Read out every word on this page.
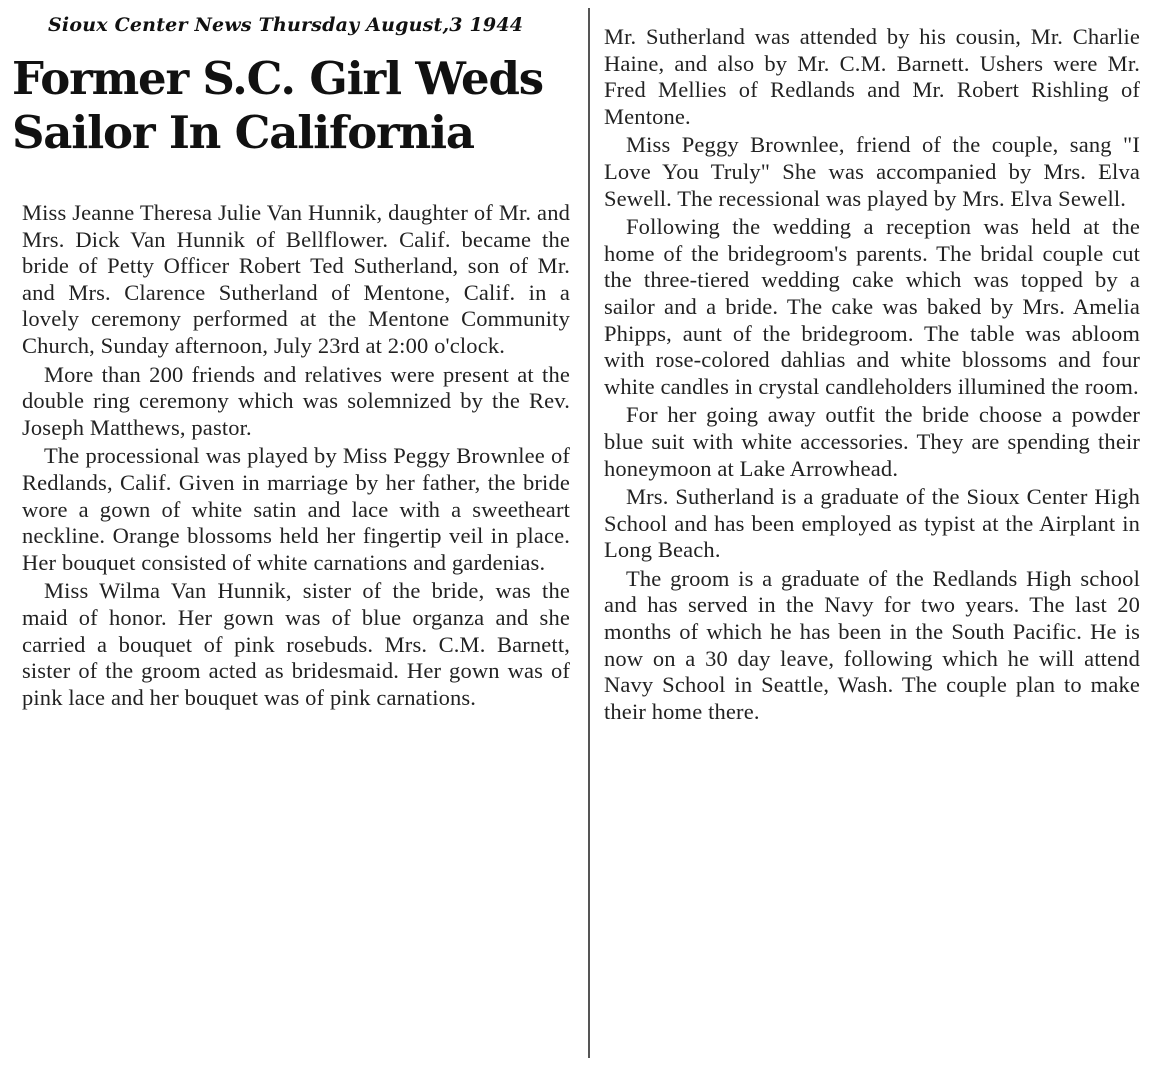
Sioux Center News Thursday August,3 1944
Former S.C. Girl Weds Sailor In California

Miss Jeanne Theresa Julie Van Hunnik, daughter of Mr. and Mrs. Dick Van Hunnik of Bellflower. Calif. became the bride of Petty Officer Robert Ted Sutherland, son of Mr. and Mrs. Clarence Sutherland of Mentone, Calif. in a lovely ceremony performed at the Mentone Community Church, Sunday afternoon, July 23rd at 2:00 o'clock.

More than 200 friends and relatives were present at the double ring ceremony which was solemnized by the Rev. Joseph Matthews, pastor.

The processional was played by Miss Peggy Brownlee of Redlands, Calif. Given in marriage by her father, the bride wore a gown of white satin and lace with a sweetheart neckline. Orange blossoms held her fingertip veil in place. Her bouquet consisted of white carnations and gardenias.

Miss Wilma Van Hunnik, sister of the bride, was the maid of honor. Her gown was of blue organza and she carried a bouquet of pink rosebuds. Mrs. C.M. Barnett, sister of the groom acted as bridesmaid. Her gown was of pink lace and her bouquet was of pink carnations.

Mr. Sutherland was attended by his cousin, Mr. Charlie Haine, and also by Mr. C.M. Barnett. Ushers were Mr. Fred Mellies of Redlands and Mr. Robert Rishling of Mentone.

Miss Peggy Brownlee, friend of the couple, sang "I Love You Truly" She was accompanied by Mrs. Elva Sewell. The recessional was played by Mrs. Elva Sewell.

Following the wedding a reception was held at the home of the bridegroom's parents. The bridal couple cut the three-tiered wedding cake which was topped by a sailor and a bride. The cake was baked by Mrs. Amelia Phipps, aunt of the bridegroom. The table was abloom with rose-colored dahlias and white blossoms and four white candles in crystal candleholders illumined the room.

For her going away outfit the bride choose a powder blue suit with white accessories. They are spending their honeymoon at Lake Arrowhead.

Mrs. Sutherland is a graduate of the Sioux Center High School and has been employed as typist at the Airplant in Long Beach.

The groom is a graduate of the Redlands High school and has served in the Navy for two years. The last 20 months of which he has been in the South Pacific. He is now on a 30 day leave, following which he will attend Navy School in Seattle, Wash. The couple plan to make their home there.
